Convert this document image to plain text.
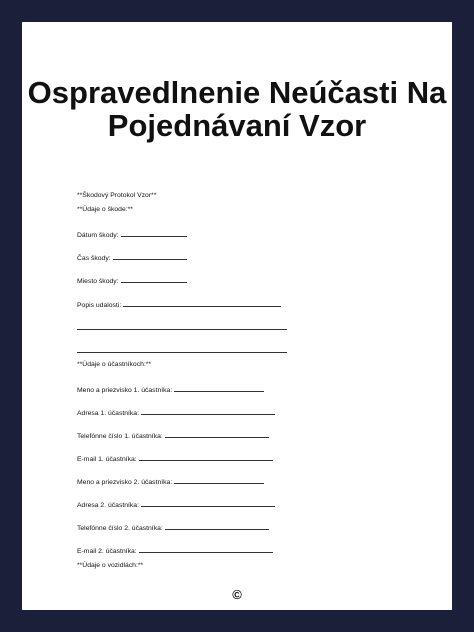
Ospravedlnenie Neúčasti Na
Pojednávaní Vzor
**Škodový Protokol Vzor**
**Údaje o škode:**
Dátum škody:
Čas škody:
Miesto škody:
Popis udalosti:
**Údaje o účastníkoch:**
Meno a priezvisko 1. účastníka:
Adresa 1. účastníka:
Telefónne číslo 1. účastníka:
E-mail 1. účastníka:
Meno a priezvisko 2. účastníka:
Adresa 2. účastníka:
Telefónne číslo 2. účastníka:
E-mail 2. účastníka:
**Údaje o vozidlách:**
©
